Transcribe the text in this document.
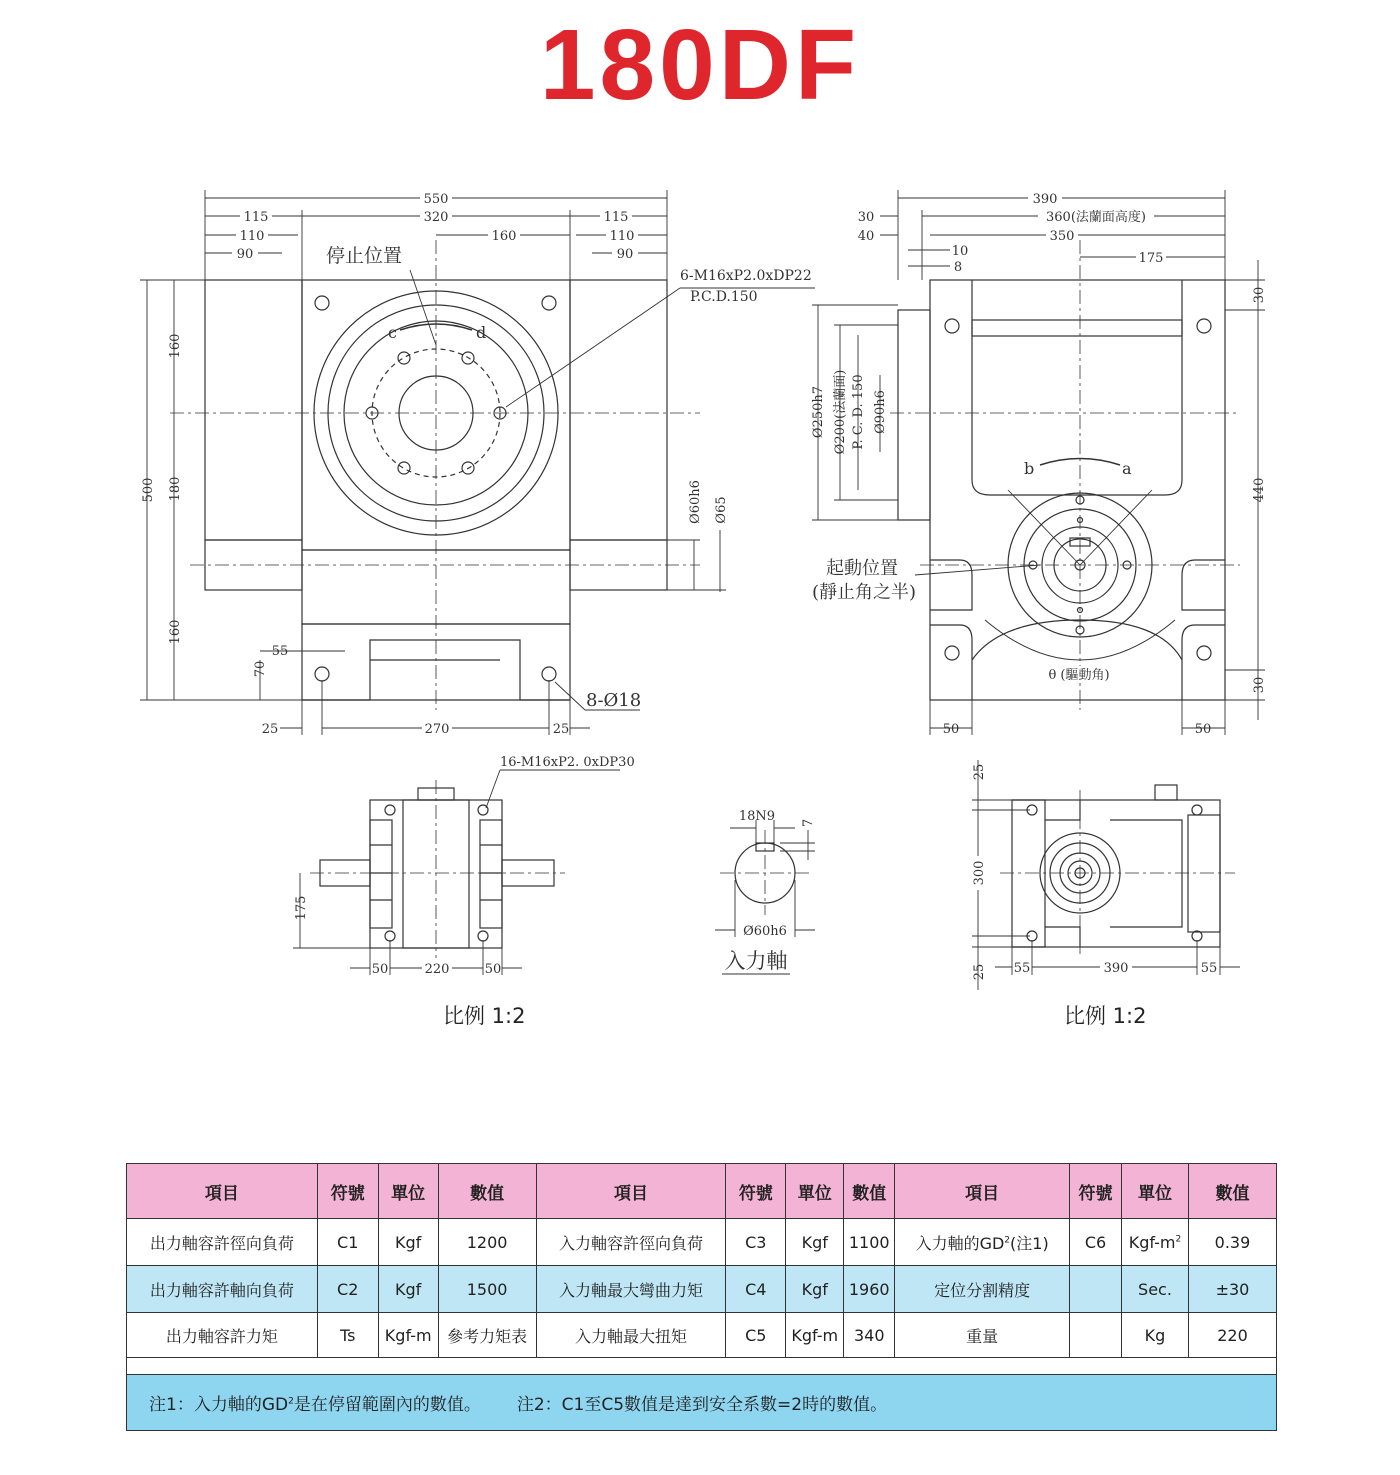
180DF
550
115	320	115
110	160	110
90	90
500
160
180
160
70
55
Ø60h6 Ø65
25	270	25
停止位置
c	d
6-M16xP2.0xDP22
P.C.D.150
8-Ø18
390
360(法蘭面高度)
350
30
40
10
8
175
Ø250h7 Ø200(法蘭面) P. C. D. 150 Ø90h6
30
440
30
50	50
b	a
起動位置
(靜止角之半)
θ (驅動角)
16-M16xP2. 0xDP30
175
50	220	50
18N9 7
Ø60h6
入力軸
25
300
25 55	390	55
比例 1:2	比例 1:2
項目	符號	單位	數值	項目	符號	單位	數值	項目	符號	單位	數值
出力軸容許徑向負荷	C1	Kgf	1200	入力軸容許徑向負荷	C3	Kgf	1100	入力軸的$GD^2$(注1)	C6	Kgf-$m^2$	0.39
出力軸容許軸向負荷	C2	Kgf	1500	入力軸最大彎曲力矩	C4	Kgf	1960	定位分割精度		Sec.	±30
出力軸容許力矩	Ts	Kgf-m	參考力矩表	入力軸最大扭矩	C5	Kgf-m	340	重量		Kg	220

注1：入力軸的$GD^2$是在停留範圍內的數值。 注2：C1至C5數值是達到安全系數=2時的數值。											
